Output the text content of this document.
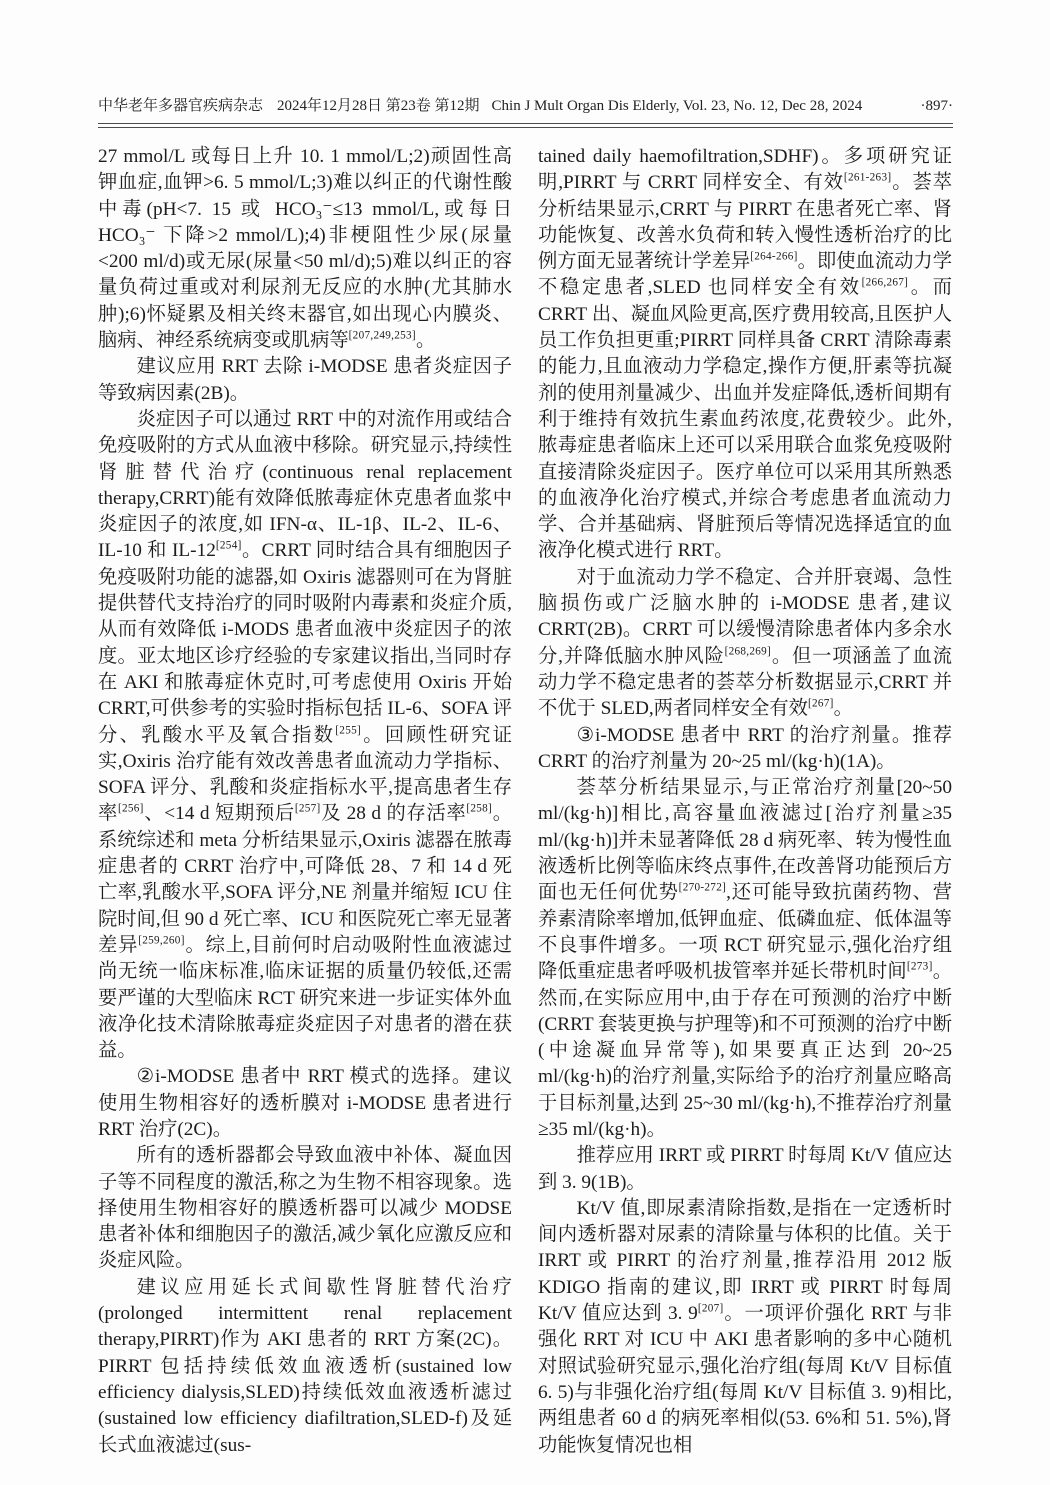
中华老年多器官疾病杂志 2024年12月28日 第23卷 第12期 Chin J Mult Organ Dis Elderly, Vol. 23, No. 12, Dec 28, 2024	·897·

27 mmol/L 或每日上升 10. 1 mmol/L;2)顽固性高钾血症,血钾>6. 5 mmol/L;3)难以纠正的代谢性酸中毒(pH<7. 15 或 HCO₃⁻≤13 mmol/L,或每日 HCO₃⁻ 下降>2 mmol/L);4)非梗阻性少尿(尿量<200 ml/d)或无尿(尿量<50 ml/d);5)难以纠正的容量负荷过重或对利尿剂无反应的水肿(尤其肺水肿);6)怀疑累及相关终末器官,如出现心内膜炎、脑病、神经系统病变或肌病等[207,249,253]。

建议应用 RRT 去除 i-MODSE 患者炎症因子等致病因素(2B)。

炎症因子可以通过 RRT 中的对流作用或结合免疫吸附的方式从血液中移除。研究显示,持续性肾脏替代治疗(continuous renal replacement therapy,CRRT)能有效降低脓毒症休克患者血浆中炎症因子的浓度,如 IFN-α、IL-1β、IL-2、IL-6、IL-10 和 IL-12[254]。CRRT 同时结合具有细胞因子免疫吸附功能的滤器,如 Oxiris 滤器则可在为肾脏提供替代支持治疗的同时吸附内毒素和炎症介质,从而有效降低 i-MODS 患者血液中炎症因子的浓度。亚太地区诊疗经验的专家建议指出,当同时存在 AKI 和脓毒症休克时,可考虑使用 Oxiris 开始 CRRT,可供参考的实验时指标包括 IL-6、SOFA 评分、乳酸水平及氧合指数[255]。回顾性研究证实,Oxiris 治疗能有效改善患者血流动力学指标、SOFA 评分、乳酸和炎症指标水平,提高患者生存率[256]、<14 d 短期预后[257]及 28 d 的存活率[258]。系统综述和 meta 分析结果显示,Oxiris 滤器在脓毒症患者的 CRRT 治疗中,可降低 28、7 和 14 d 死亡率,乳酸水平,SOFA 评分,NE 剂量并缩短 ICU 住院时间,但 90 d 死亡率、ICU 和医院死亡率无显著差异[259,260]。综上,目前何时启动吸附性血液滤过尚无统一临床标准,临床证据的质量仍较低,还需要严谨的大型临床 RCT 研究来进一步证实体外血液净化技术清除脓毒症炎症因子对患者的潜在获益。

②i-MODSE 患者中 RRT 模式的选择。建议使用生物相容好的透析膜对 i-MODSE 患者进行 RRT 治疗(2C)。

所有的透析器都会导致血液中补体、凝血因子等不同程度的激活,称之为生物不相容现象。选择使用生物相容好的膜透析器可以减少 MODSE 患者补体和细胞因子的激活,减少氧化应激反应和炎症风险。

建议应用延长式间歇性肾脏替代治疗(prolonged intermittent renal replacement therapy,PIRRT)作为 AKI 患者的 RRT 方案(2C)。PIRRT 包括持续低效血液透析(sustained low efficiency dialysis,SLED)持续低效血液透析滤过(sustained low efficiency diafiltration,SLED-f)及延长式血液滤过(sus-

tained daily haemofiltration,SDHF)。多项研究证明,PIRRT 与 CRRT 同样安全、有效[261-263]。荟萃分析结果显示,CRRT 与 PIRRT 在患者死亡率、肾功能恢复、改善水负荷和转入慢性透析治疗的比例方面无显著统计学差异[264-266]。即使血流动力学不稳定患者,SLED 也同样安全有效[266,267]。而 CRRT 出、凝血风险更高,医疗费用较高,且医护人员工作负担更重;PIRRT 同样具备 CRRT 清除毒素的能力,且血液动力学稳定,操作方便,肝素等抗凝剂的使用剂量减少、出血并发症降低,透析间期有利于维持有效抗生素血药浓度,花费较少。此外,脓毒症患者临床上还可以采用联合血浆免疫吸附直接清除炎症因子。医疗单位可以采用其所熟悉的血液净化治疗模式,并综合考虑患者血流动力学、合并基础病、肾脏预后等情况选择适宜的血液净化模式进行 RRT。

对于血流动力学不稳定、合并肝衰竭、急性脑损伤或广泛脑水肿的 i-MODSE 患者,建议 CRRT(2B)。CRRT 可以缓慢清除患者体内多余水分,并降低脑水肿风险[268,269]。但一项涵盖了血流动力学不稳定患者的荟萃分析数据显示,CRRT 并不优于 SLED,两者同样安全有效[267]。

③i-MODSE 患者中 RRT 的治疗剂量。推荐 CRRT 的治疗剂量为 20~25 ml/(kg·h)(1A)。

荟萃分析结果显示,与正常治疗剂量[20~50 ml/(kg·h)]相比,高容量血液滤过[治疗剂量≥35 ml/(kg·h)]并未显著降低 28 d 病死率、转为慢性血液透析比例等临床终点事件,在改善肾功能预后方面也无任何优势[270-272],还可能导致抗菌药物、营养素清除率增加,低钾血症、低磷血症、低体温等不良事件增多。一项 RCT 研究显示,强化治疗组降低重症患者呼吸机拔管率并延长带机时间[273]。然而,在实际应用中,由于存在可预测的治疗中断(CRRT 套装更换与护理等)和不可预测的治疗中断(中途凝血异常等),如果要真正达到 20~25 ml/(kg·h)的治疗剂量,实际给予的治疗剂量应略高于目标剂量,达到 25~30 ml/(kg·h),不推荐治疗剂量≥35 ml/(kg·h)。

推荐应用 IRRT 或 PIRRT 时每周 Kt/V 值应达到 3. 9(1B)。

Kt/V 值,即尿素清除指数,是指在一定透析时间内透析器对尿素的清除量与体积的比值。关于 IRRT 或 PIRRT 的治疗剂量,推荐沿用 2012 版 KDIGO 指南的建议,即 IRRT 或 PIRRT 时每周 Kt/V 值应达到 3. 9[207]。一项评价强化 RRT 与非强化 RRT 对 ICU 中 AKI 患者影响的多中心随机对照试验研究显示,强化治疗组(每周 Kt/V 目标值 6. 5)与非强化治疗组(每周 Kt/V 目标值 3. 9)相比,两组患者 60 d 的病死率相似(53. 6%和 51. 5%),肾功能恢复情况也相
